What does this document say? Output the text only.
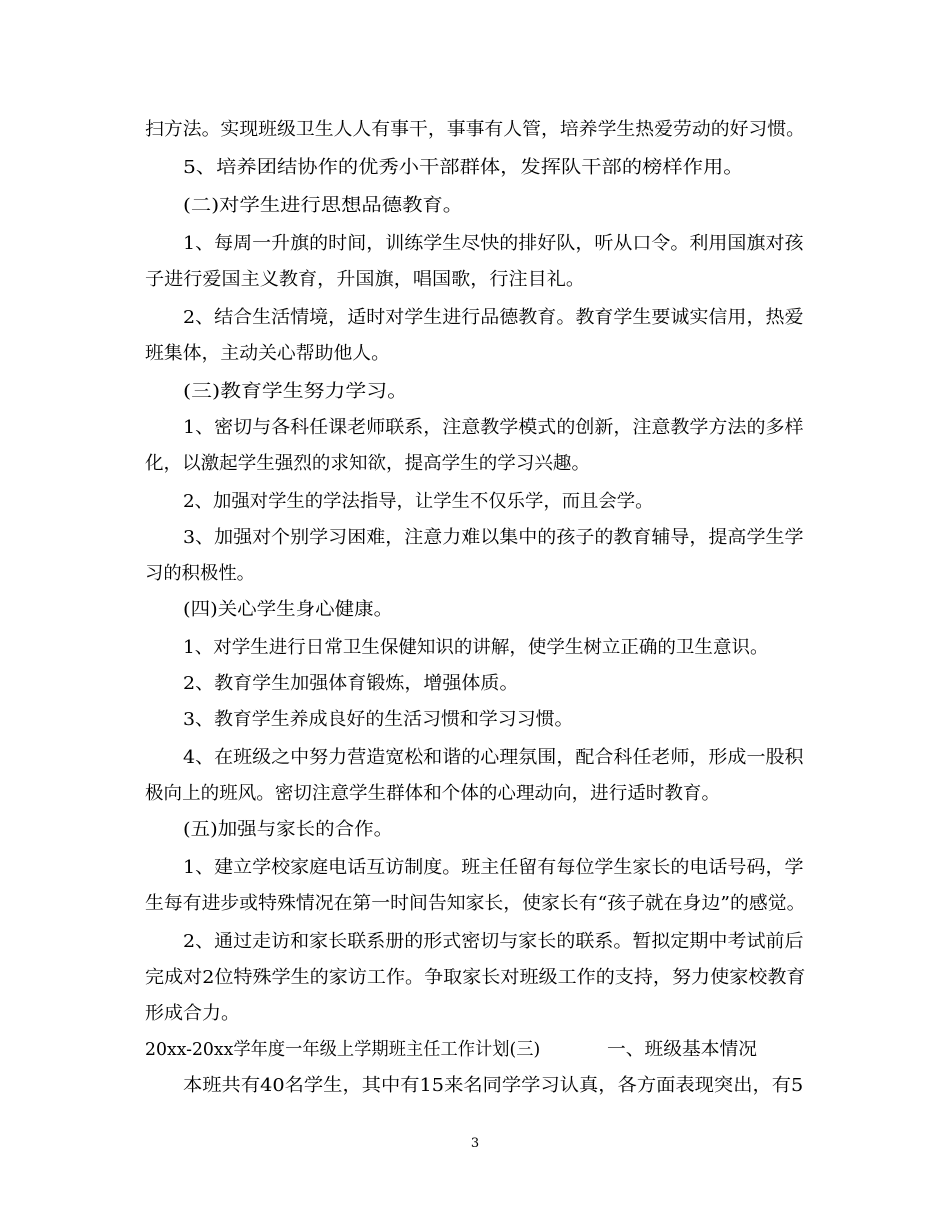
扫方法。实现班级卫生人人有事干，事事有人管，培养学生热爱劳动的好习惯。
5、培养团结协作的优秀小干部群体，发挥队干部的榜样作用。
(二)对学生进行思想品德教育。
1、每周一升旗的时间，训练学生尽快的排好队，听从口令。利用国旗对孩
子进行爱国主义教育，升国旗，唱国歌，行注目礼。
2、结合生活情境，适时对学生进行品德教育。教育学生要诚实信用，热爱
班集体，主动关心帮助他人。
(三)教育学生努力学习。
1、密切与各科任课老师联系，注意教学模式的创新，注意教学方法的多样
化，以激起学生强烈的求知欲，提高学生的学习兴趣。
2、加强对学生的学法指导，让学生不仅乐学，而且会学。
3、加强对个别学习困难，注意力难以集中的孩子的教育辅导，提高学生学
习的积极性。
(四)关心学生身心健康。
1、对学生进行日常卫生保健知识的讲解，使学生树立正确的卫生意识。
2、教育学生加强体育锻炼，增强体质。
3、教育学生养成良好的生活习惯和学习习惯。
4、在班级之中努力营造宽松和谐的心理氛围，配合科任老师，形成一股积
极向上的班风。密切注意学生群体和个体的心理动向，进行适时教育。
(五)加强与家长的合作。
1、建立学校家庭电话互访制度。班主任留有每位学生家长的电话号码，学
生每有进步或特殊情况在第一时间告知家长，使家长有“孩子就在身边”的感觉。
2、通过走访和家长联系册的形式密切与家长的联系。暂拟定期中考试前后
完成对2位特殊学生的家访工作。争取家长对班级工作的支持，努力使家校教育
形成合力。
20xx-20xx学年度一年级上学期班主任工作计划(三)	一、班级基本情况
本班共有40名学生，其中有15来名同学学习认真，各方面表现突出，有5
3
